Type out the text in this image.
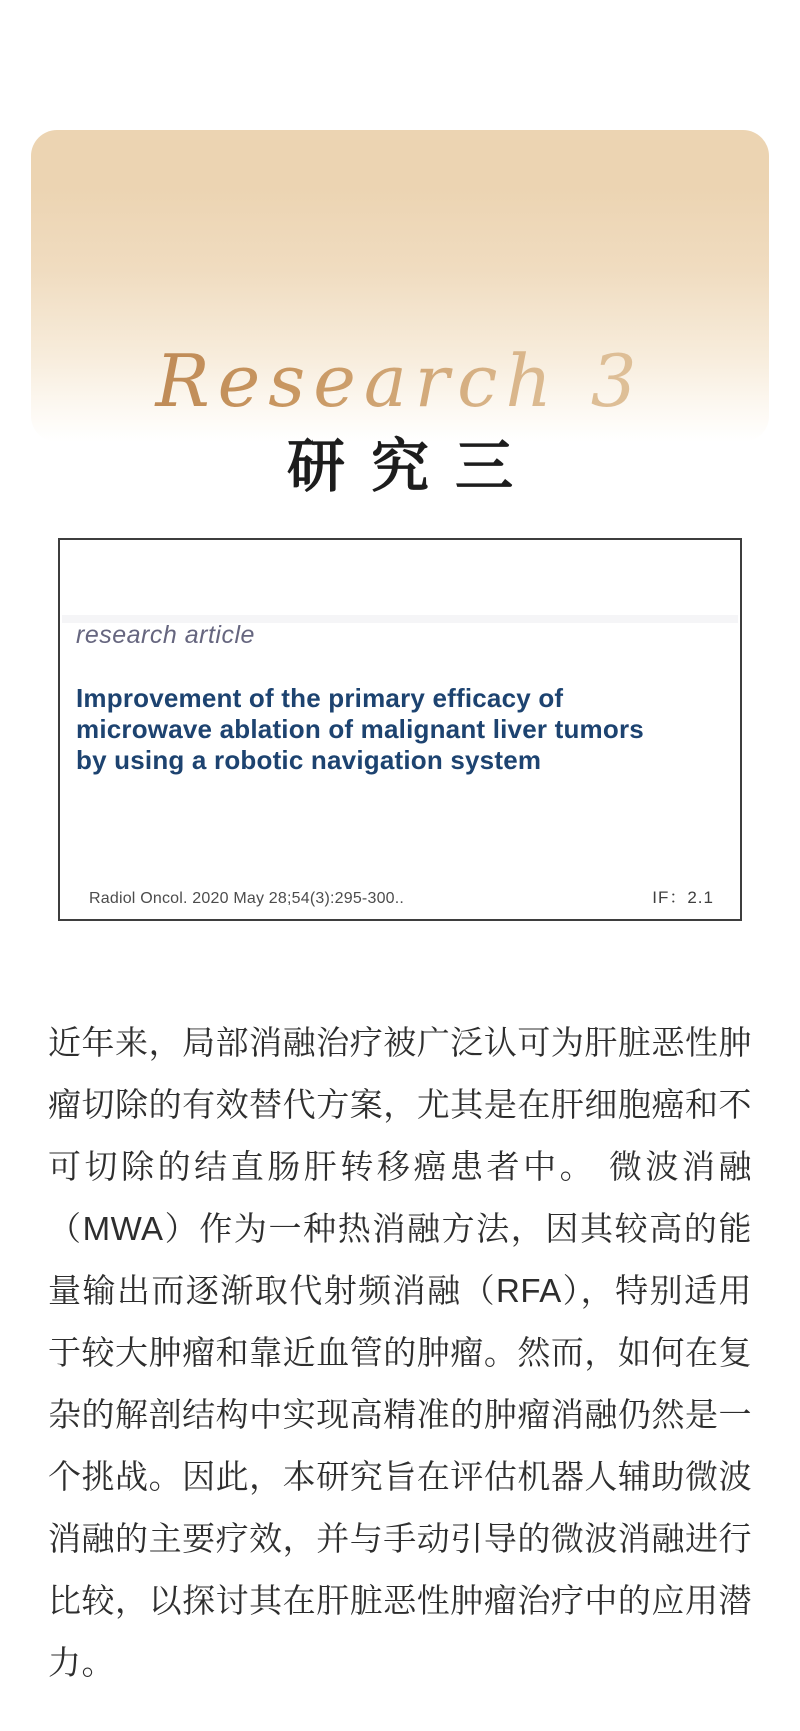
Research 3
研究三
research article
Improvement of the primary efficacy of
microwave ablation of malignant liver tumors
by using a robotic navigation system
Radiol Oncol. 2020 May 28;54(3):295-300..	IF：2.1
近年来，局部消融治疗被广泛认可为肝脏恶性肿瘤切除的有效替代方案，尤其是在肝细胞癌和不可切除的结直肠肝转移癌患者中。 微波消融（MWA）作为一种热消融方法，因其较高的能量输出而逐渐取代射频消融（RFA），特别适用于较大肿瘤和靠近血管的肿瘤。然而，如何在复杂的解剖结构中实现高精准的肿瘤消融仍然是一个挑战。因此，本研究旨在评估机器人辅助微波消融的主要疗效，并与手动引导的微波消融进行比较，以探讨其在肝脏恶性肿瘤治疗中的应用潜力。
